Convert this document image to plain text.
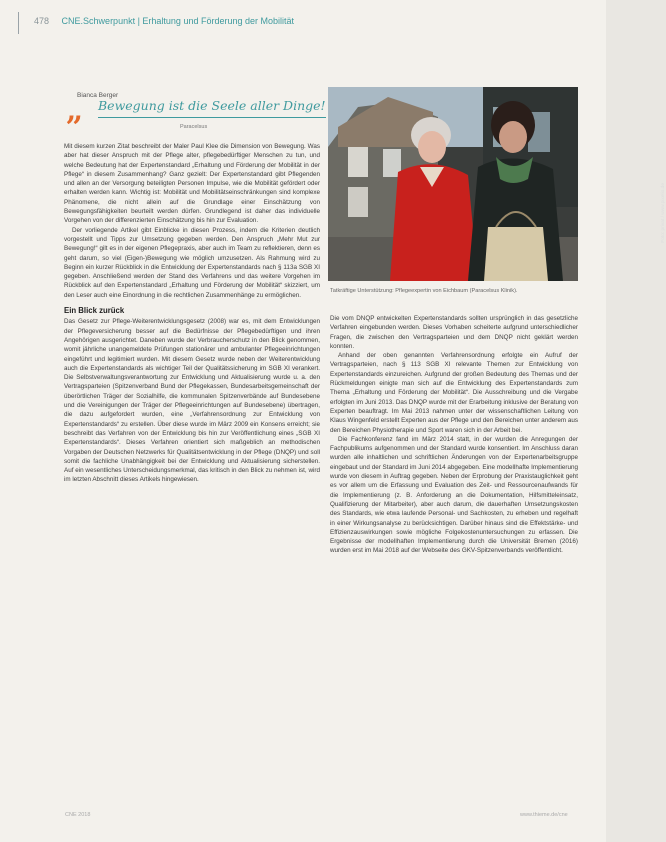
478 CNE.Schwerpunkt | Erhaltung und Förderung der Mobilität
Bianca Berger
„ Bewegung ist die Seele aller Dinge!
Paracelsus

Mit diesem kurzen Zitat beschreibt der Maler Paul Klee die Dimension von Bewegung. Was aber hat dieser Anspruch mit der Pflege alter, pflegebedürftiger Menschen zu tun, und welche Bedeutung hat der Expertenstandard „Erhaltung und Förderung der Mobilität in der Pflege“ in diesem Zusammenhang? Ganz gezielt: Der Expertenstandard gibt Pflegenden und allen an der Versorgung beteiligten Personen Impulse, wie die Mobilität gefördert oder erhalten werden kann. Wichtig ist: Mobilität und Mobilitätseinschränkungen sind komplexe Phänomene, die nicht allein auf die Grundlage einer Einschätzung von Bewegungsfähigkeiten beurteilt werden dürfen. Grundlegend ist daher das individuelle Vorgehen von der differenzierten Einschätzung bis hin zur Evaluation.

Der vorliegende Artikel gibt Einblicke in diesen Prozess, indem die Kriterien deutlich vorgestellt und Tipps zur Umsetzung gegeben werden. Den Anspruch „Mehr Mut zur Bewegung!“ gilt es in der eigenen Pflegepraxis, aber auch im Team zu reflektieren, denn es geht darum, so viel (Eigen-)Bewegung wie möglich umzusetzen. Als Rahmung wird zu Beginn ein kurzer Rückblick in die Entwicklung der Expertenstandards nach § 113a SGB XI gegeben. Anschließend werden der Stand des Verfahrens und das weitere Vorgehen im Rückblick auf den Expertenstandard „Erhaltung und Förderung der Mobilität“ skizziert, um den Leser auch eine Einordnung in die rechtlichen Zusammenhänge zu ermöglichen.

Ein Blick zurück

Das Gesetz zur Pflege-Weiterentwicklungsgesetz (2008) war es, mit dem Entwicklungen der Pflegeversicherung besser auf die Bedürfnisse der Pflegebedürftigen und ihren Angehörigen ausgerichtet. Daneben wurde der Verbraucherschutz in den Blick genommen, womit jährliche unangemeldete Prüfungen stationärer und ambulanter Pflegeeinrichtungen eingeführt und legitimiert wurden. Mit diesem Gesetz wurde neben der Weiterentwicklung auch die Expertenstandards als wichtiger Teil der Qualitätssicherung im SGB XI verankert. Die Selbstverwaltungsverantwortung zur Entwicklung und Aktualisierung wurde u. a. den Vertragsparteien (Spitzenverband Bund der Pflegekassen, Bundesarbeitsgemeinschaft der überörtlichen Träger der Sozialhilfe, die kommunalen Spitzenverbände auf Bundesebene und die Vereinigungen der Träger der Pflegeeinrichtungen auf Bundesebene) übertragen, die dazu aufgefordert wurden, eine „Verfahrensordnung zur Entwicklung von Expertenstandards“ zu erstellen. Über diese wurde im März 2009 ein Konsens erreicht; sie beschreibt das Verfahren von der Entwicklung bis hin zur Veröffentlichung eines „SGB XI Expertenstandards“. Dieses Verfahren orientiert sich maßgeblich an methodischen Vorgaben der Deutschen Netzwerks für Qualitätsentwicklung in der Pflege (DNQP) und soll somit die fachliche Unabhängigkeit bei der Entwicklung und Aktualisierung sicherstellen. Auf ein wesentliches Unterscheidungsmerkmal, das kritisch in den Blick zu nehmen ist, wird im letzten Abschnitt dieses Artikels hingewiesen.

Foto: privat / www.pixelio.de
Tatkräftige Unterstützung: Pflegeexpertin von Eichbaum (Paracelsus Klinik).

Die vom DNQP entwickelten Expertenstandards sollten ursprünglich in das gesetzliche Verfahren eingebunden werden. Dieses Vorhaben scheiterte aufgrund unterschiedlicher Fragen, die zwischen den Vertragsparteien und dem DNQP nicht geklärt werden konnten.

Anhand der oben genannten Verfahrensordnung erfolgte ein Aufruf der Vertragsparteien, nach § 113 SGB XI relevante Themen zur Entwicklung von Expertenstandards einzureichen. Aufgrund der großen Bedeutung des Themas und der Rückmeldungen einigte man sich auf die Entwicklung des Expertenstandards zum Thema „Erhaltung und Förderung der Mobilität“. Die Ausschreibung und die Vergabe erfolgten im Juni 2013. Das DNQP wurde mit der Erarbeitung inklusive der Beratung von Experten beauftragt. Im Mai 2013 nahmen unter der wissenschaftlichen Leitung von Klaus Wingenfeld erstellt Experten aus der Pflege und den Bereichen unter anderem aus den Bereichen Physiotherapie und Sport waren sich in der Arbeit bei.

Die Fachkonferenz fand im März 2014 statt, in der wurden die Anregungen der Fachpublikums aufgenommen und der Standard wurde konsentiert. Im Anschluss daran wurden alle inhaltlichen und schriftlichen Änderungen von der Expertenarbeitsgruppe eingebaut und der Standard im Juni 2014 abgegeben. Eine modellhafte Implementierung wurde von diesem in Auftrag gegeben. Neben der Erprobung der Praxistauglichkeit geht es vor allem um die Erfassung und Evaluation des Zeit- und Ressourcenaufwands für die Implementierung (z. B. Anforderung an die Dokumentation, Hilfsmitteleinsatz, Qualifizierung der Mitarbeiter), aber auch darum, die dauerhaften Umsetzungskosten des Standards, wie etwa laufende Personal- und Sachkosten, zu erheben und regelhaft in einer Wirkungsanalyse zu berücksichtigen. Darüber hinaus sind die Effektstärke- und Effizienzauswirkungen sowie mögliche Folgekostenuntersuchungen zu erfassen. Die Ergebnisse der modellhaften Implementierung durch die Universität Bremen (2016) wurden erst im Mai 2018 auf der Webseite des GKV-Spitzenverbands veröffentlicht.

CNE 2018	www.thieme.de/cne
